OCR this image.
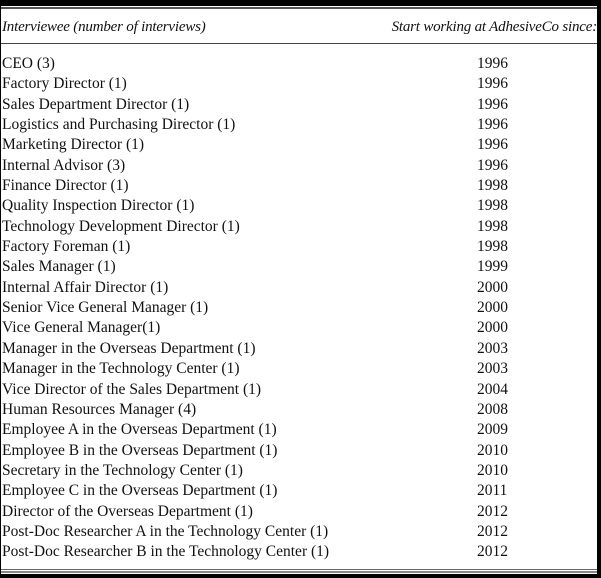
Interviewee (number of interviews)	Start working at AdhesiveCo since:
CEO (3)	1996
Factory Director (1)	1996
Sales Department Director (1)	1996
Logistics and Purchasing Director (1)	1996
Marketing Director (1)	1996
Internal Advisor (3)	1996
Finance Director (1)	1998
Quality Inspection Director (1)	1998
Technology Development Director (1)	1998
Factory Foreman (1)	1998
Sales Manager (1)	1999
Internal Affair Director (1)	2000
Senior Vice General Manager (1)	2000
Vice General Manager(1)	2000
Manager in the Overseas Department (1)	2003
Manager in the Technology Center (1)	2003
Vice Director of the Sales Department (1)	2004
Human Resources Manager (4)	2008
Employee A in the Overseas Department (1)	2009
Employee B in the Overseas Department (1)	2010
Secretary in the Technology Center (1)	2010
Employee C in the Overseas Department (1)	2011
Director of the Overseas Department (1)	2012
Post-Doc Researcher A in the Technology Center (1)	2012
Post-Doc Researcher B in the Technology Center (1)	2012
